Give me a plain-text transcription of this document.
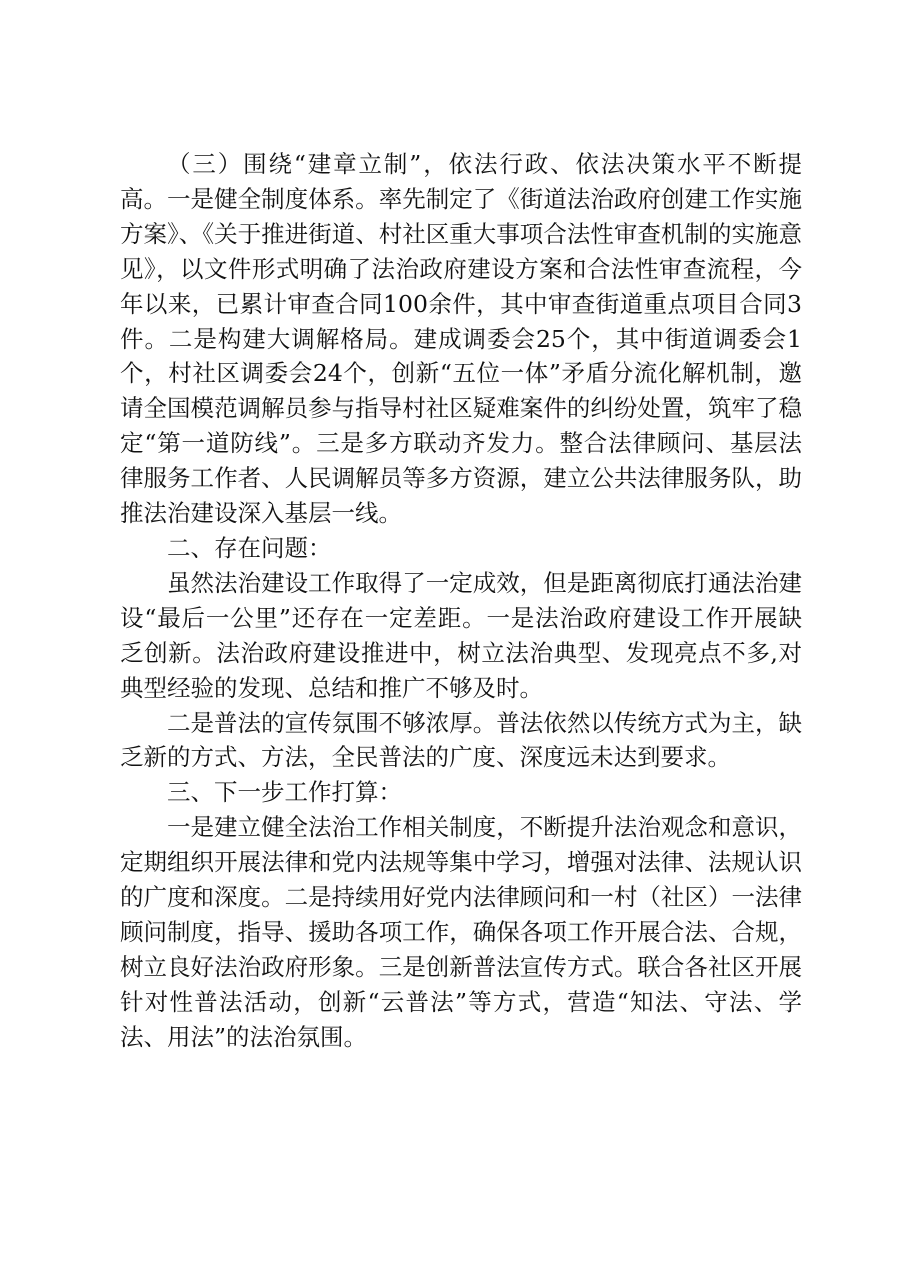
（三）围绕“建章立制”，依法行政、依法决策水平不断提高。一是健全制度体系。率先制定了《街道法治政府创建工作实施方案》、《关于推进街道、村社区重大事项合法性审查机制的实施意见》，以文件形式明确了法治政府建设方案和合法性审查流程，今年以来，已累计审查合同100余件，其中审查街道重点项目合同3件。二是构建大调解格局。建成调委会25个，其中街道调委会1个，村社区调委会24个，创新“五位一体”矛盾分流化解机制，邀请全国模范调解员参与指导村社区疑难案件的纠纷处置，筑牢了稳定“第一道防线”。三是多方联动齐发力。整合法律顾问、基层法律服务工作者、人民调解员等多方资源，建立公共法律服务队，助推法治建设深入基层一线。

二、存在问题：

虽然法治建设工作取得了一定成效，但是距离彻底打通法治建设“最后一公里”还存在一定差距。一是法治政府建设工作开展缺乏创新。法治政府建设推进中，树立法治典型、发现亮点不多,对典型经验的发现、总结和推广不够及时。

二是普法的宣传氛围不够浓厚。普法依然以传统方式为主，缺乏新的方式、方法，全民普法的广度、深度远未达到要求。

三、下一步工作打算：

一是建立健全法治工作相关制度，不断提升法治观念和意识，定期组织开展法律和党内法规等集中学习，增强对法律、法规认识的广度和深度。二是持续用好党内法律顾问和一村（社区）一法律顾问制度，指导、援助各项工作，确保各项工作开展合法、合规，树立良好法治政府形象。三是创新普法宣传方式。联合各社区开展针对性普法活动，创新“云普法”等方式，营造“知法、守法、学法、用法”的法治氛围。
